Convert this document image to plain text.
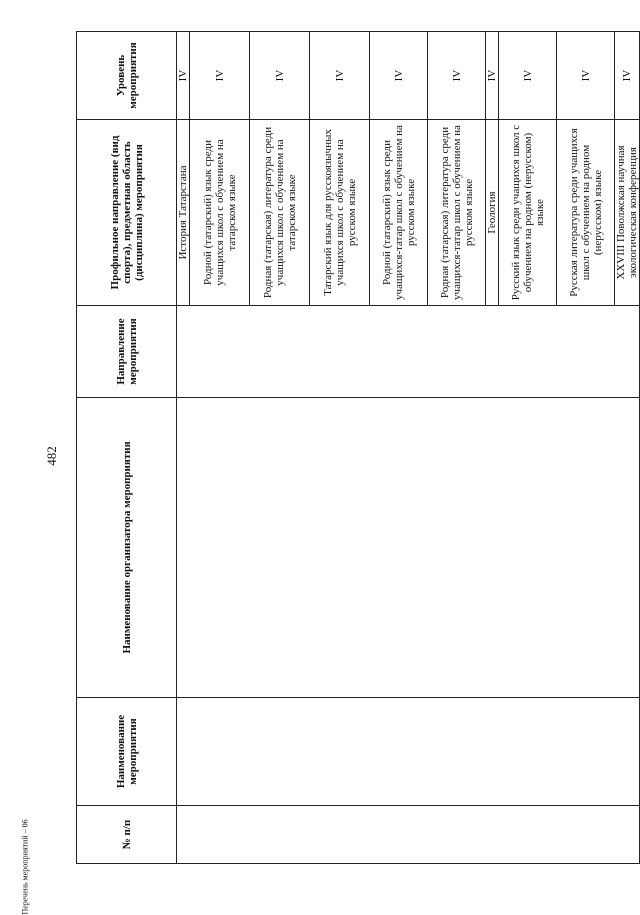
482
Перечень мероприятий – 06	№ п/п	Наименование мероприятия	Наименование организатора мероприятия	Направление мероприятия	Профильное направление (вид спорта), предметная область (дисциплина) мероприятия	Уровень мероприятия
				История Татарстана	IV
				Родной (татарский) язык среди учащихся школ с обучением на татарском языке	IV
				Родная (татарская) литература среди учащихся школ с обучением на татарском языке	IV
				Татарский язык для русскоязычных учащихся школ с обучением на русском языке	IV
				Родной (татарский) язык среди учащихся-татар школ с обучением на русском языке	IV
				Родная (татарская) литература среди учащихся-татар школ с обучением на русском языке	IV
				Геология	IV
				Русский язык среди учащихся школ с обучением на родном (нерусском) языке	IV
				Русская литература среди учащихся школ с обучением на родном (нерусском) языке	IV
				XXVIII Поволжская научная экологическая конференция	IV
